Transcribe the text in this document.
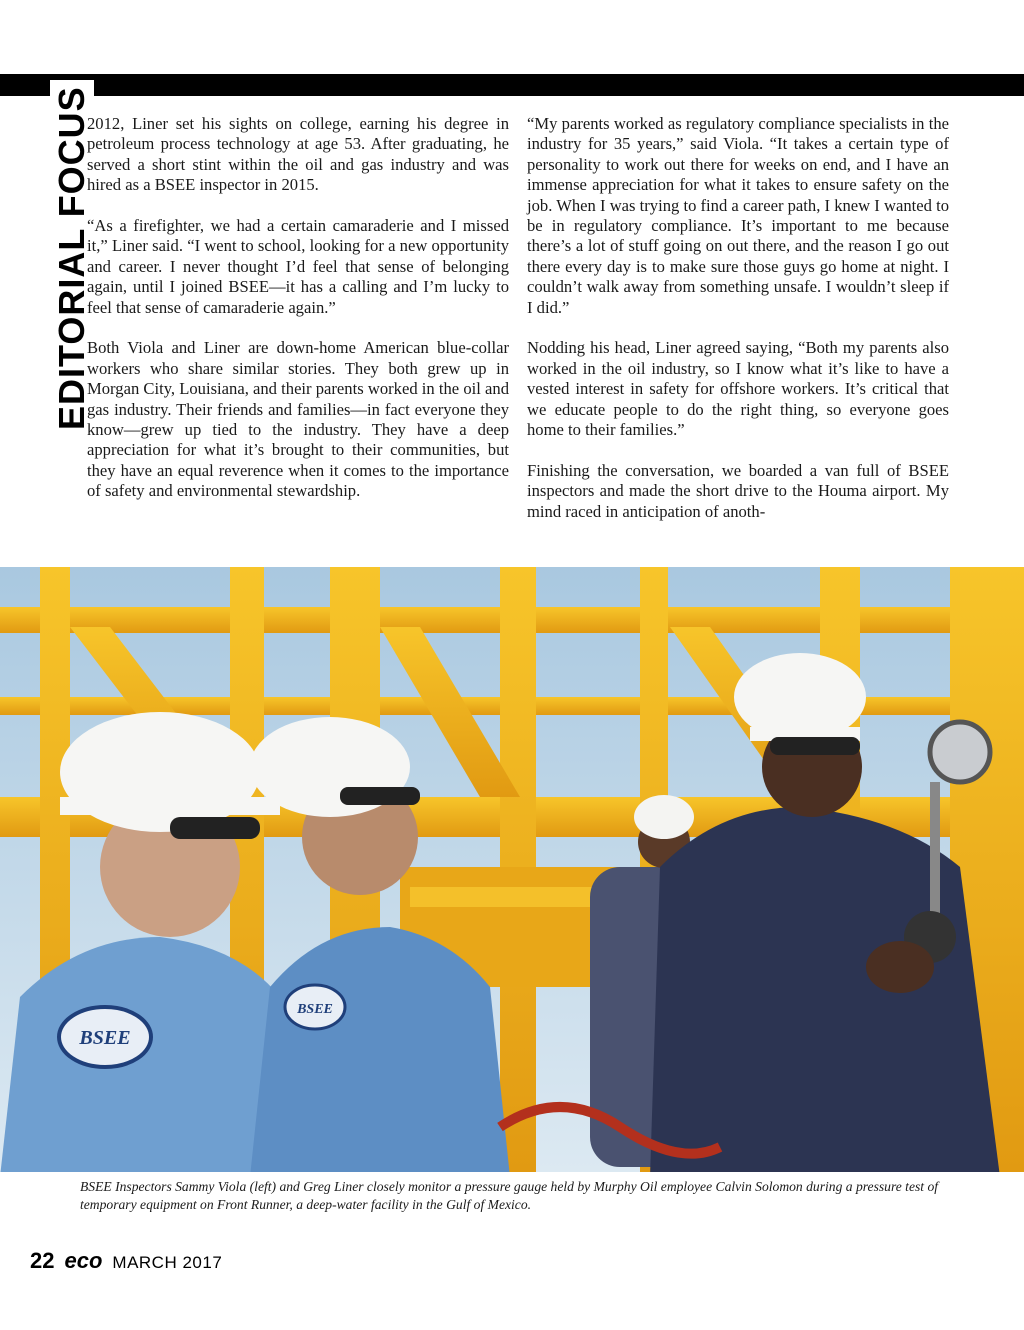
EDITORIAL FOCUS

2012, Liner set his sights on college, earning his degree in petroleum process technology at age 53. After graduating, he served a short stint within the oil and gas industry and was hired as a BSEE inspector in 2015.

“As a firefighter, we had a certain camaraderie and I missed it,” Liner said. “I went to school, looking for a new opportunity and career. I never thought I’d feel that sense of belonging again, until I joined BSEE—it has a calling and I’m lucky to feel that sense of camaraderie again.”

Both Viola and Liner are down-home American blue-collar workers who share similar stories. They both grew up in Morgan City, Louisiana, and their parents worked in the oil and gas industry. Their friends and families—in fact everyone they know—grew up tied to the industry. They have a deep appreciation for what it’s brought to their communities, but they have an equal reverence when it comes to the importance of safety and environmental stewardship.

“My parents worked as regulatory compliance specialists in the industry for 35 years,” said Viola. “It takes a certain type of personality to work out there for weeks on end, and I have an immense appreciation for what it takes to ensure safety on the job. When I was trying to find a career path, I knew I wanted to be in regulatory compliance. It’s important to me because there’s a lot of stuff going on out there, and the reason I go out there every day is to make sure those guys go home at night. I couldn’t walk away from something unsafe. I wouldn’t sleep if I did.”

Nodding his head, Liner agreed saying, “Both my parents also worked in the oil industry, so I know what it’s like to have a vested interest in safety for offshore workers. It’s critical that we educate people to do the right thing, so everyone goes home to their families.”

Finishing the conversation, we boarded a van full of BSEE inspectors and made the short drive to the Houma airport. My mind raced in anticipation of anoth-

BSEE
BSEE
BSEE Inspectors Sammy Viola (left) and Greg Liner closely monitor a pressure gauge held by Murphy Oil employee Calvin Solomon during a pressure test of temporary equipment on Front Runner, a deep-water facility in the Gulf of Mexico.
22 eco MARCH 2017
